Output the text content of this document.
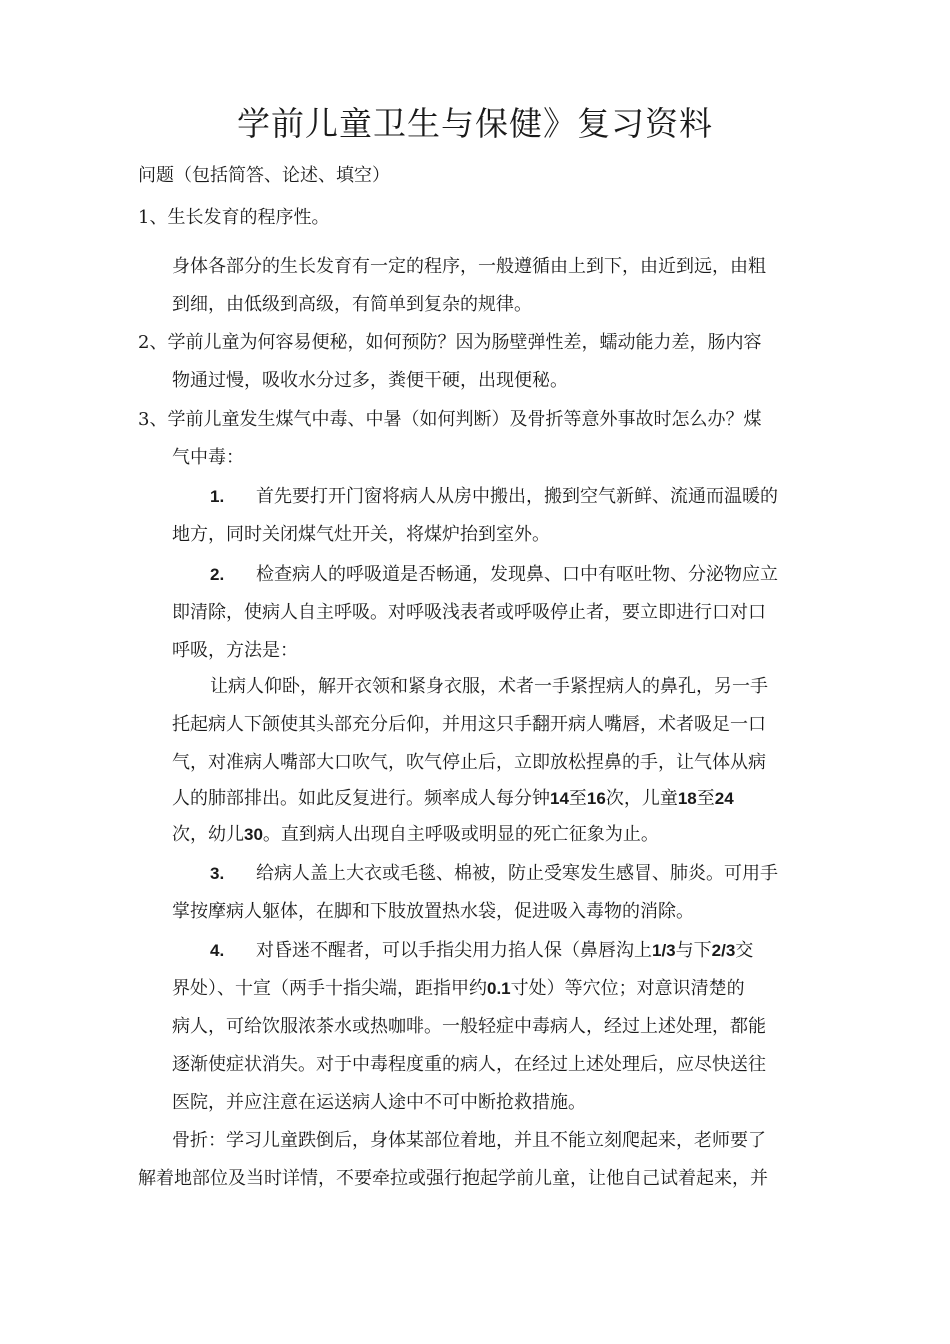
学前儿童卫生与保健》复习资料

问题（包括简答、论述、填空）

1、生长发育的程序性。

身体各部分的生长发育有一定的程序，一般遵循由上到下，由近到远，由粗

到细，由低级到高级，有简单到复杂的规律。

2、学前儿童为何容易便秘，如何预防？因为肠壁弹性差，蠕动能力差，肠内容

物通过慢，吸收水分过多，粪便干硬，出现便秘。

3、学前儿童发生煤气中毒、中暑（如何判断）及骨折等意外事故时怎么办？煤

气中毒：

1. 首先要打开门窗将病人从房中搬出，搬到空气新鲜、流通而温暖的

地方，同时关闭煤气灶开关，将煤炉抬到室外。

2. 检查病人的呼吸道是否畅通，发现鼻、口中有呕吐物、分泌物应立

即清除，使病人自主呼吸。对呼吸浅表者或呼吸停止者，要立即进行口对口

呼吸，方法是：

让病人仰卧，解开衣领和紧身衣服，术者一手紧捏病人的鼻孔，另一手

托起病人下颌使其头部充分后仰，并用这只手翻开病人嘴唇，术者吸足一口

气，对准病人嘴部大口吹气，吹气停止后，立即放松捏鼻的手，让气体从病

人的肺部排出。如此反复进行。频率成人每分钟14至16次，儿童18至24

次，幼儿30。直到病人出现自主呼吸或明显的死亡征象为止。

3. 给病人盖上大衣或毛毯、棉被，防止受寒发生感冒、肺炎。可用手

掌按摩病人躯体，在脚和下肢放置热水袋，促进吸入毒物的消除。

4. 对昏迷不醒者，可以手指尖用力掐人保（鼻唇沟上1/3与下2/3交

界处）、十宣（两手十指尖端，距指甲约0.1寸处）等穴位；对意识清楚的

病人，可给饮服浓茶水或热咖啡。一般轻症中毒病人，经过上述处理，都能

逐渐使症状消失。对于中毒程度重的病人，在经过上述处理后，应尽快送往

医院，并应注意在运送病人途中不可中断抢救措施。

骨折：学习儿童跌倒后，身体某部位着地，并且不能立刻爬起来，老师要了

解着地部位及当时详情，不要牵拉或强行抱起学前儿童，让他自己试着起来，并
